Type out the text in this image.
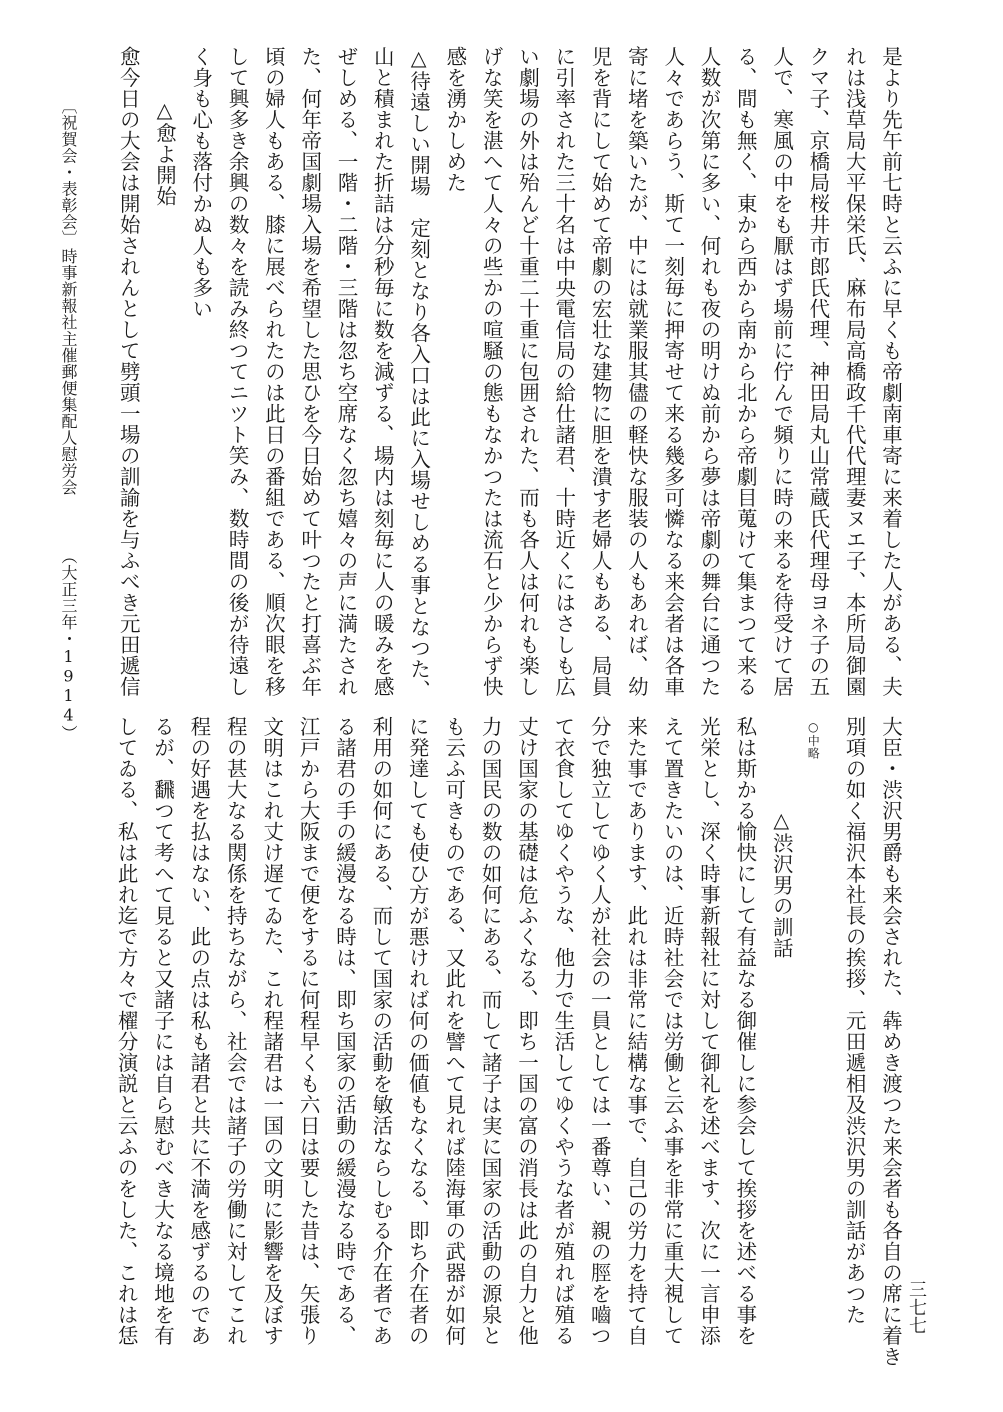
是より先午前七時と云ふに早くも帝劇南車寄に来着した人がある、夫
れは浅草局大平保栄氏、麻布局高橋政千代代理妻ヌエ子、本所局御園
クマ子、京橋局桜井市郎氏代理、神田局丸山常蔵氏代理母ヨネ子の五
人で、寒風の中をも厭はず場前に佇んで頻りに時の来るを待受けて居
る、間も無く、東から西から南から北から帝劇目蒐けて集まつて来る
人数が次第に多い、何れも夜の明けぬ前から夢は帝劇の舞台に通つた
人々であらう、斯て一刻毎に押寄せて来る幾多可憐なる来会者は各車
寄に堵を築いたが、中には就業服其儘の軽快な服装の人もあれば、幼
児を背にして始めて帝劇の宏壮な建物に胆を潰す老婦人もある、局員
に引率された三十名は中央電信局の給仕諸君、十時近くにはさしも広
い劇場の外は殆んど十重二十重に包囲された、而も各人は何れも楽し
げな笑を湛へて人々の些かの喧騒の態もなかつたは流石と少からず快
感を湧かしめた
△待遠しい開場　定刻となり各入口は此に入場せしめる事となつた、
山と積まれた折詰は分秒毎に数を減ずる、場内は刻毎に人の暖みを感
ぜしめる、一階・二階・三階は忽ち空席なく忽ち嬉々の声に満たされ
た、何年帝国劇場入場を希望した思ひを今日始めて叶つたと打喜ぶ年
頃の婦人もある、膝に展べられたのは此日の番組である、順次眼を移
して興多き余興の数々を読み終つてニツト笑み、数時間の後が待遠し
く身も心も落付かぬ人も多い
△愈よ開始
愈今日の大会は開始されんとして劈頭一場の訓諭を与ふべき元田遞信
大臣・渋沢男爵も来会された、犇めき渡つた来会者も各自の席に着き
別項の如く福沢本社長の挨拶、元田遞相及渋沢男の訓話があつた
○中略
△渋沢男の訓話
私は斯かる愉快にして有益なる御催しに参会して挨拶を述べる事を
光栄とし、深く時事新報社に対して御礼を述べます、次に一言申添
えて置きたいのは、近時社会では労働と云ふ事を非常に重大視して
来た事であります、此れは非常に結構な事で、自己の労力を持て自
分で独立してゆく人が社会の一員としては一番尊い、親の脛を嚙つ
て衣食してゆくやうな、他力で生活してゆくやうな者が殖れば殖る
丈け国家の基礎は危ふくなる、即ち一国の富の消長は此の自力と他
力の国民の数の如何にある、而して諸子は実に国家の活動の源泉と
も云ふ可きものである、又此れを譬へて見れば陸海軍の武器が如何
に発達しても使ひ方が悪ければ何の価値もなくなる、即ち介在者の
利用の如何にある、而して国家の活動を敏活ならしむる介在者であ
る諸君の手の緩漫なる時は、即ち国家の活動の緩漫なる時である、
江戸から大阪まで便をするに何程早くも六日は要した昔は、矢張り
文明はこれ丈け遅てゐた、これ程諸君は一国の文明に影響を及ぼす
程の甚大なる関係を持ちながら、社会では諸子の労働に対してこれ
程の好遇を払はない、此の点は私も諸君と共に不満を感ずるのであ
るが、飜つて考へて見ると又諸子には自ら慰むべき大なる境地を有
してゐる、私は此れ迄で方々で櫂分演説と云ふのをした、これは恁
〔祝賀会・表彰会〕
時事新報社主催郵便集配人慰労会
（大正三年・1914）
三七七
